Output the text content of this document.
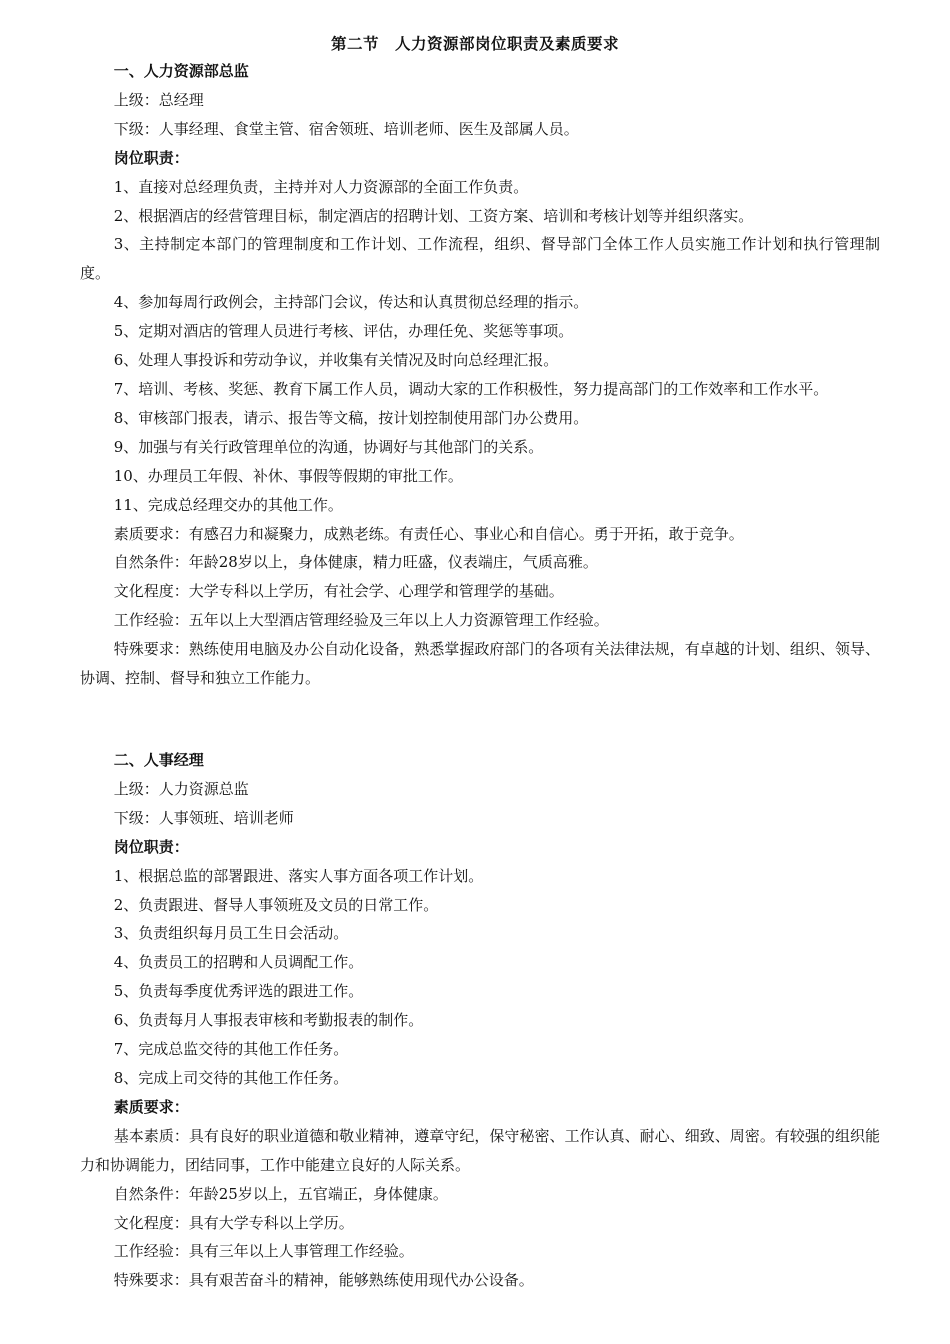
第二节　人力资源部岗位职责及素质要求
一、人力资源部总监
上级：总经理
下级：人事经理、食堂主管、宿舍领班、培训老师、医生及部属人员。
岗位职责：
1、直接对总经理负责，主持并对人力资源部的全面工作负责。
2、根据酒店的经营管理目标，制定酒店的招聘计划、工资方案、培训和考核计划等并组织落实。
3、主持制定本部门的管理制度和工作计划、工作流程，组织、督导部门全体工作人员实施工作计划和执行管理制度。
4、参加每周行政例会，主持部门会议，传达和认真贯彻总经理的指示。
5、定期对酒店的管理人员进行考核、评估，办理任免、奖惩等事项。
6、处理人事投诉和劳动争议，并收集有关情况及时向总经理汇报。
7、培训、考核、奖惩、教育下属工作人员，调动大家的工作积极性，努力提高部门的工作效率和工作水平。
8、审核部门报表，请示、报告等文稿，按计划控制使用部门办公费用。
9、加强与有关行政管理单位的沟通，协调好与其他部门的关系。
10、办理员工年假、补休、事假等假期的审批工作。
11、完成总经理交办的其他工作。
素质要求：有感召力和凝聚力，成熟老练。有责任心、事业心和自信心。勇于开拓，敢于竞争。
自然条件：年龄28岁以上，身体健康，精力旺盛，仪表端庄，气质高雅。
文化程度：大学专科以上学历，有社会学、心理学和管理学的基础。
工作经验：五年以上大型酒店管理经验及三年以上人力资源管理工作经验。
特殊要求：熟练使用电脑及办公自动化设备，熟悉掌握政府部门的各项有关法律法规，有卓越的计划、组织、领导、协调、控制、督导和独立工作能力。
二、人事经理
上级：人力资源总监
下级：人事领班、培训老师
岗位职责：
1、根据总监的部署跟进、落实人事方面各项工作计划。
2、负责跟进、督导人事领班及文员的日常工作。
3、负责组织每月员工生日会活动。
4、负责员工的招聘和人员调配工作。
5、负责每季度优秀评选的跟进工作。
6、负责每月人事报表审核和考勤报表的制作。
7、完成总监交待的其他工作任务。
8、完成上司交待的其他工作任务。
素质要求：
基本素质：具有良好的职业道德和敬业精神，遵章守纪，保守秘密、工作认真、耐心、细致、周密。有较强的组织能力和协调能力，团结同事，工作中能建立良好的人际关系。
自然条件：年龄25岁以上，五官端正，身体健康。
文化程度：具有大学专科以上学历。
工作经验：具有三年以上人事管理工作经验。
特殊要求：具有艰苦奋斗的精神，能够熟练使用现代办公设备。
